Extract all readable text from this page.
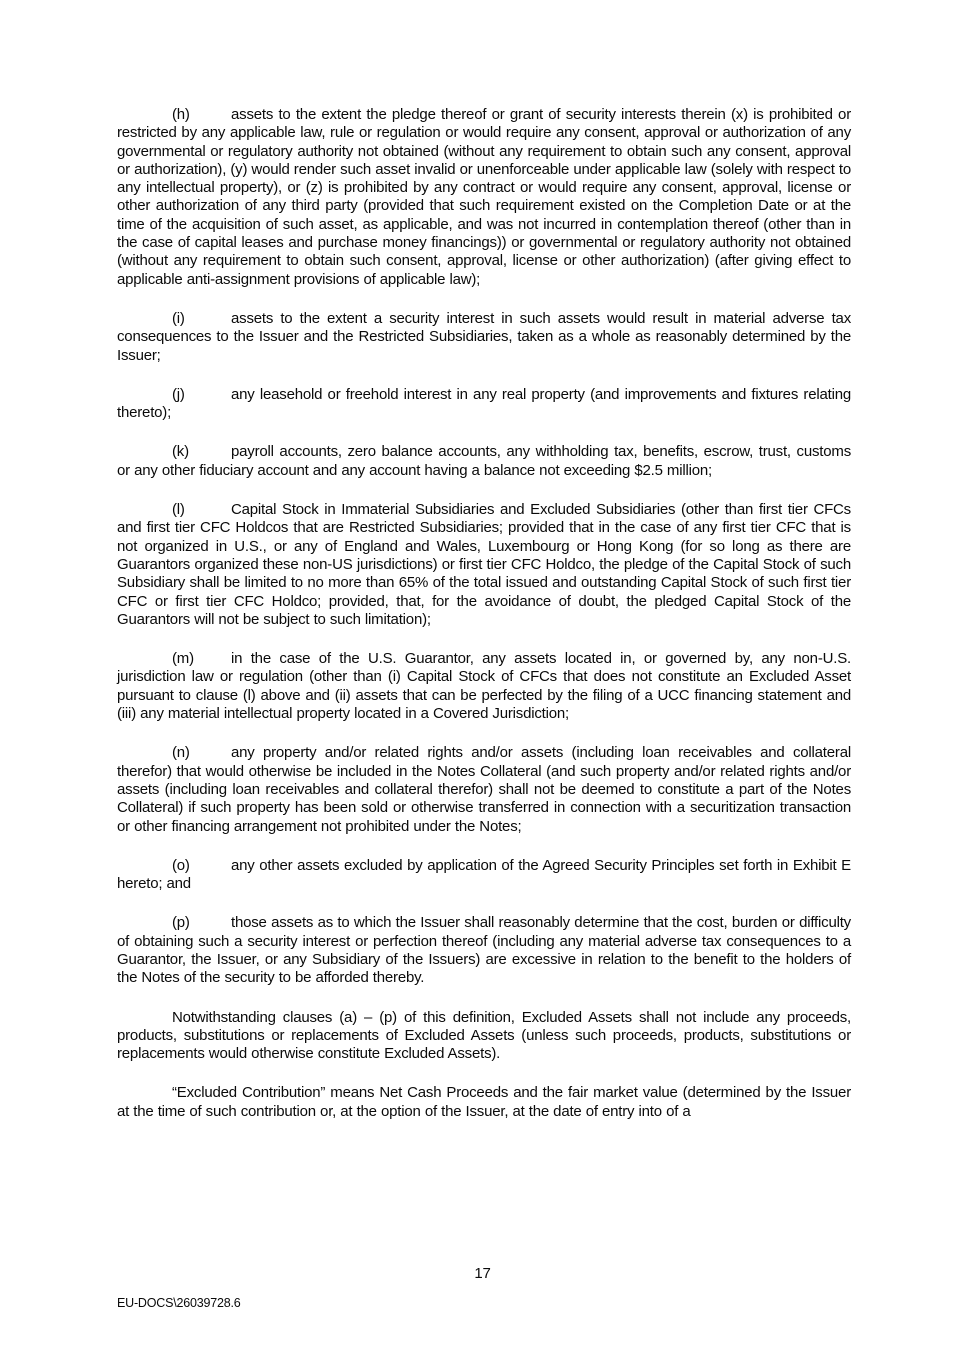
(h)	assets to the extent the pledge thereof or grant of security interests therein (x) is prohibited or restricted by any applicable law, rule or regulation or would require any consent, approval or authorization of any governmental or regulatory authority not obtained (without any requirement to obtain such any consent, approval or authorization), (y) would render such asset invalid or unenforceable under applicable law (solely with respect to any intellectual property), or (z) is prohibited by any contract or would require any consent, approval, license or other authorization of any third party (provided that such requirement existed on the Completion Date or at the time of the acquisition of such asset, as applicable, and was not incurred in contemplation thereof (other than in the case of capital leases and purchase money financings)) or governmental or regulatory authority not obtained (without any requirement to obtain such consent, approval, license or other authorization) (after giving effect to applicable anti-assignment provisions of applicable law);

(i)	assets to the extent a security interest in such assets would result in material adverse tax consequences to the Issuer and the Restricted Subsidiaries, taken as a whole as reasonably determined by the Issuer;

(j)	any leasehold or freehold interest in any real property (and improvements and fixtures relating thereto);

(k)	payroll accounts, zero balance accounts, any withholding tax, benefits, escrow, trust, customs or any other fiduciary account and any account having a balance not exceeding $2.5 million;

(l)	Capital Stock in Immaterial Subsidiaries and Excluded Subsidiaries (other than first tier CFCs and first tier CFC Holdcos that are Restricted Subsidiaries; provided that in the case of any first tier CFC that is not organized in U.S., or any of England and Wales, Luxembourg or Hong Kong (for so long as there are Guarantors organized these non-US jurisdictions) or first tier CFC Holdco, the pledge of the Capital Stock of such Subsidiary shall be limited to no more than 65% of the total issued and outstanding Capital Stock of such first tier CFC or first tier CFC Holdco; provided, that, for the avoidance of doubt, the pledged Capital Stock of the Guarantors will not be subject to such limitation);

(m) in the case of the U.S. Guarantor, any assets located in, or governed by, any non-U.S. jurisdiction law or regulation (other than (i) Capital Stock of CFCs that does not constitute an Excluded Asset pursuant to clause (l) above and (ii) assets that can be perfected by the filing of a UCC financing statement and (iii) any material intellectual property located in a Covered Jurisdiction;

(n)	any property and/or related rights and/or assets (including loan receivables and collateral therefor) that would otherwise be included in the Notes Collateral (and such property and/or related rights and/or assets (including loan receivables and collateral therefor) shall not be deemed to constitute a part of the Notes Collateral) if such property has been sold or otherwise transferred in connection with a securitization transaction or other financing arrangement not prohibited under the Notes;

(o)	any other assets excluded by application of the Agreed Security Principles set forth in Exhibit E hereto; and

(p)	those assets as to which the Issuer shall reasonably determine that the cost, burden or difficulty of obtaining such a security interest or perfection thereof (including any material adverse tax consequences to a Guarantor, the Issuer, or any Subsidiary of the Issuers) are excessive in relation to the benefit to the holders of the Notes of the security to be afforded thereby.

Notwithstanding clauses (a) – (p) of this definition, Excluded Assets shall not include any proceeds, products, substitutions or replacements of Excluded Assets (unless such proceeds, products, substitutions or replacements would otherwise constitute Excluded Assets).

“Excluded Contribution” means Net Cash Proceeds and the fair market value (determined by the Issuer at the time of such contribution or, at the option of the Issuer, at the date of entry into of a

17
EU-DOCS\26039728.6
